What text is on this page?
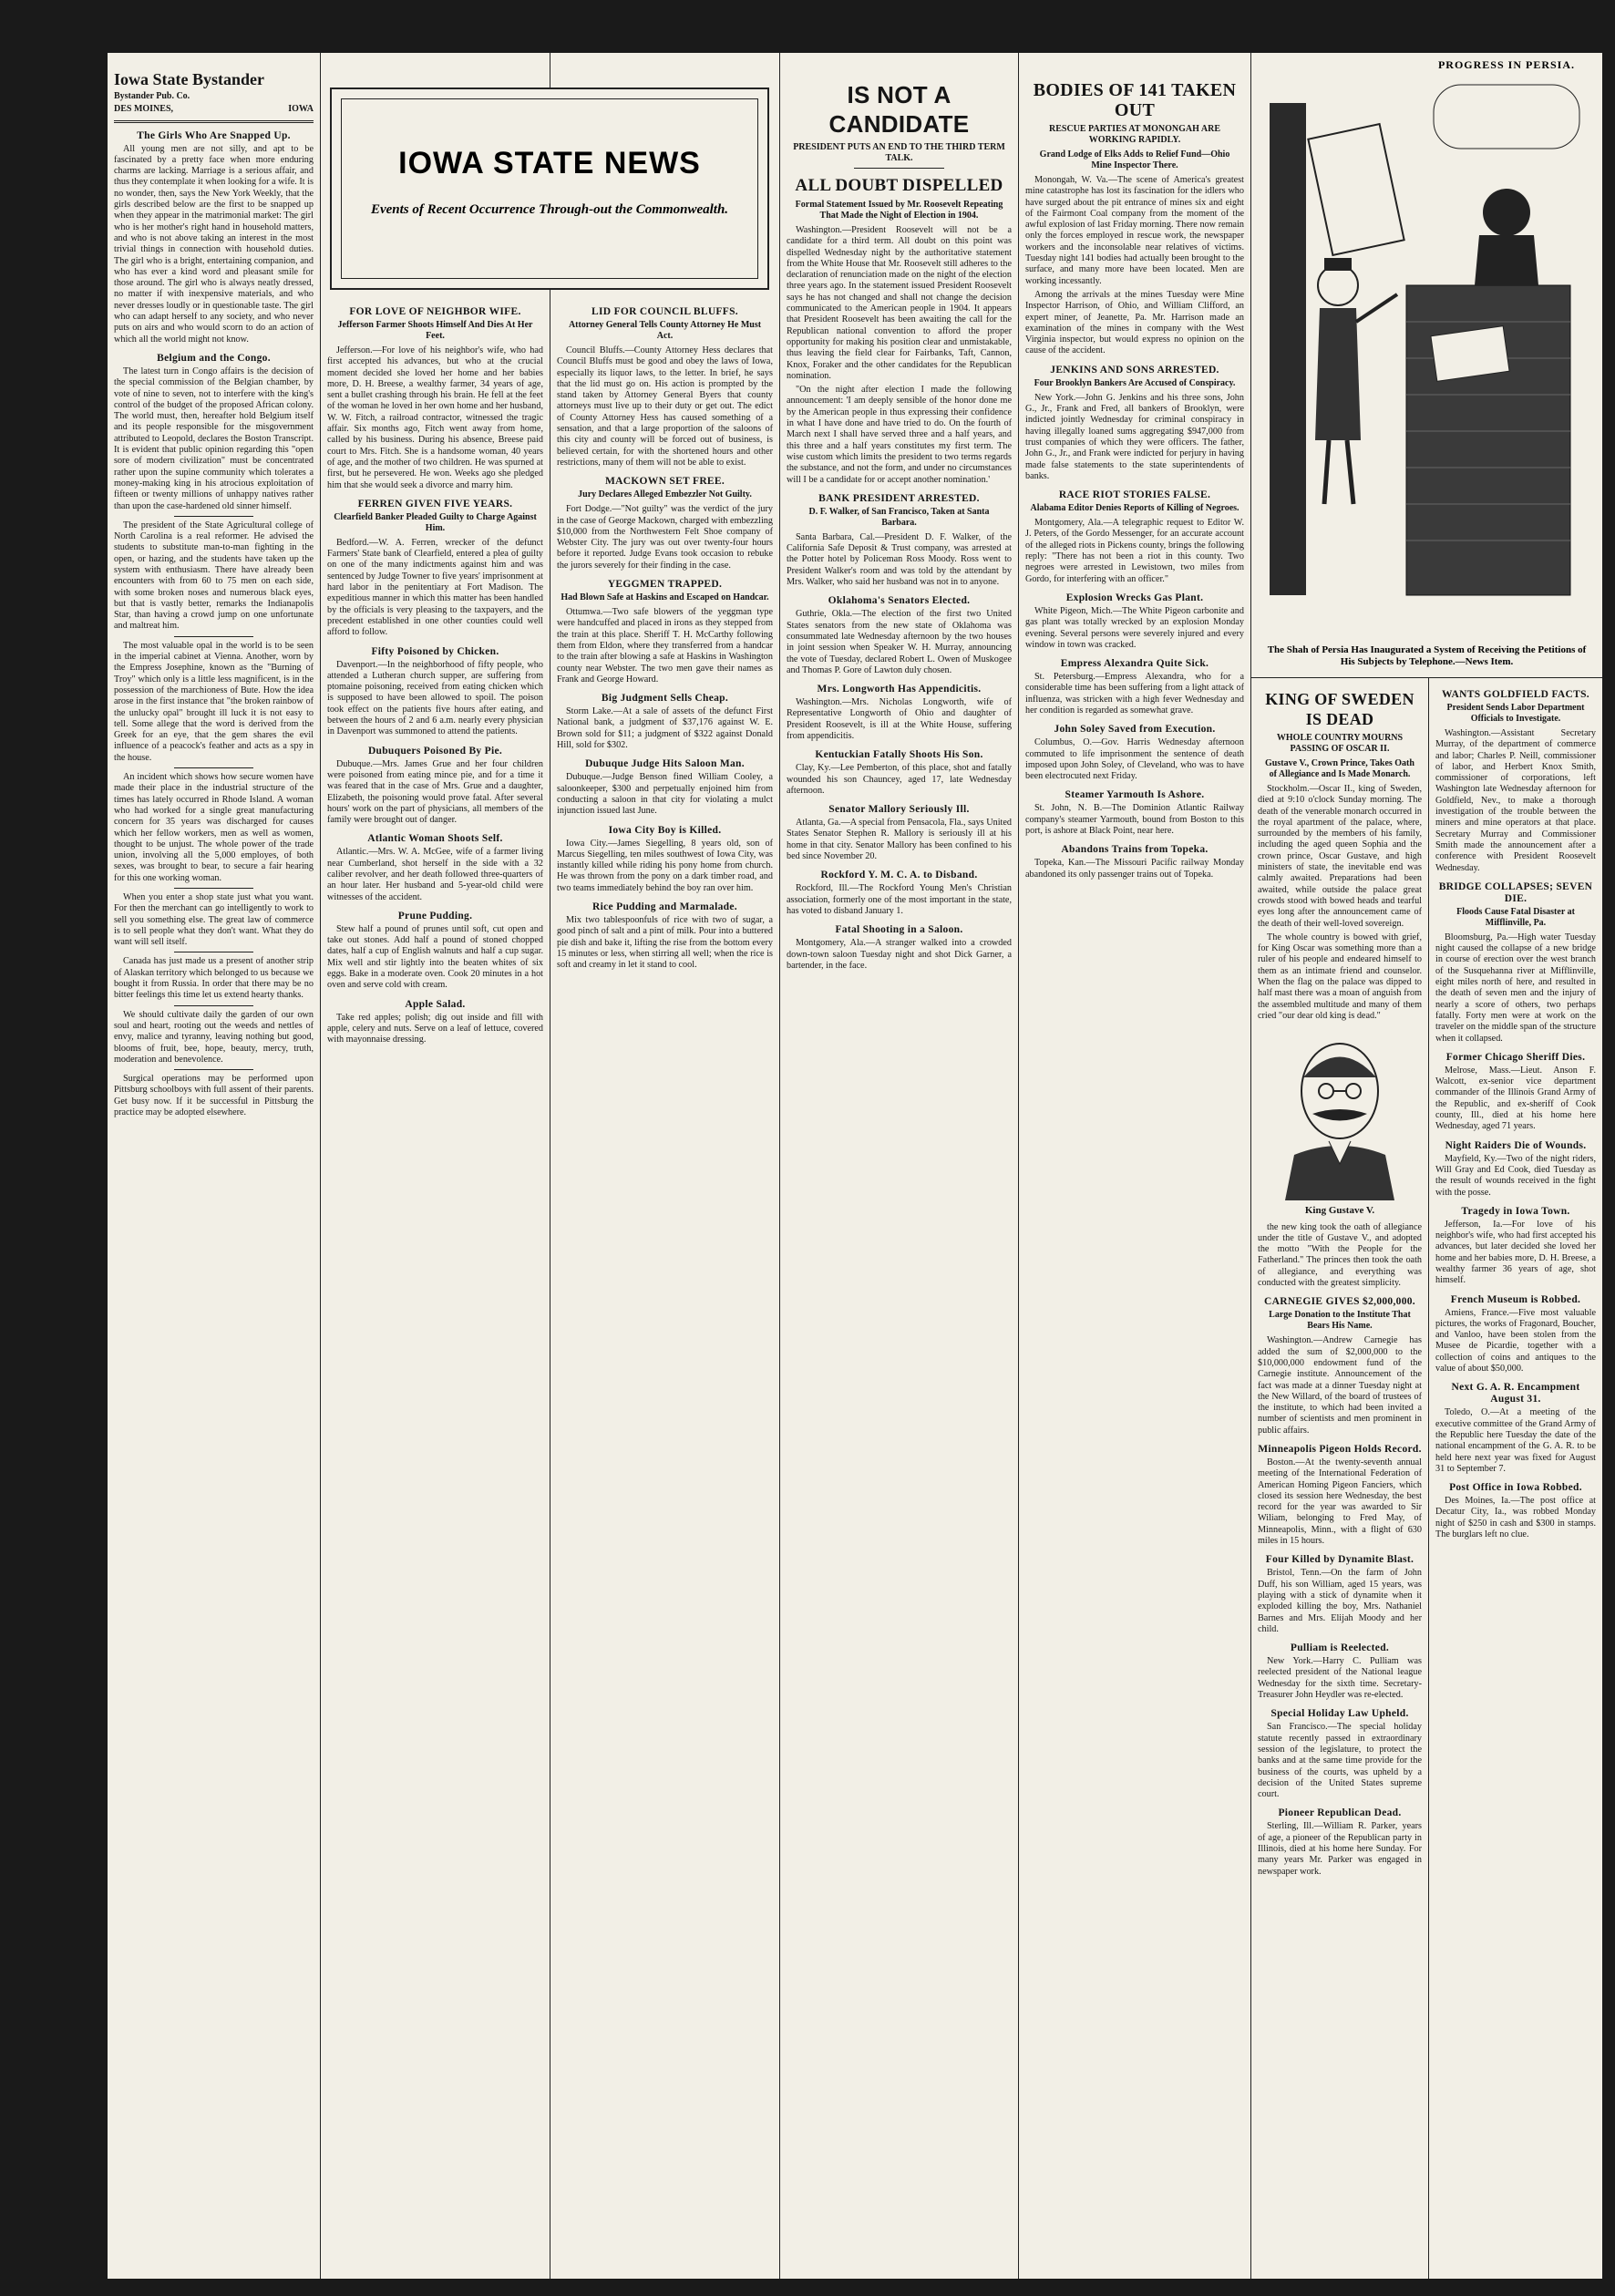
Iowa State Bystander
Bystander Pub. Co.
DES MOINES,	IOWA
The Girls Who Are Snapped Up.

All young men are not silly, and apt to be fascinated by a pretty face when more enduring charms are lacking. Marriage is a serious affair, and thus they contemplate it when looking for a wife. It is no wonder, then, says the New York Weekly, that the girls described below are the first to be snapped up when they appear in the matrimonial market: The girl who is her mother's right hand in household matters, and who is not above taking an interest in the most trivial things in connection with household duties. The girl who is a bright, entertaining companion, and who has ever a kind word and pleasant smile for those around. The girl who is always neatly dressed, no matter if with inexpensive materials, and who never dresses loudly or in questionable taste. The girl who can adapt herself to any society, and who never puts on airs and who would scorn to do an action of which all the world might not know.

Belgium and the Congo.

The latest turn in Congo affairs is the decision of the special commission of the Belgian chamber, by vote of nine to seven, not to interfere with the king's control of the budget of the proposed African colony. The world must, then, hereafter hold Belgium itself and its people responsible for the misgovernment attributed to Leopold, declares the Boston Transcript. It is evident that public opinion regarding this "open sore of modern civilization" must be concentrated rather upon the supine community which tolerates a money-making king in his atrocious exploitation of fifteen or twenty millions of unhappy natives rather than upon the case-hardened old sinner himself.

The president of the State Agricultural college of North Carolina is a real reformer. He advised the students to substitute man-to-man fighting in the open, or hazing, and the students have taken up the system with enthusiasm. There have already been encounters with from 60 to 75 men on each side, with some broken noses and numerous black eyes, but that is vastly better, remarks the Indianapolis Star, than having a crowd jump on one unfortunate and maltreat him.

The most valuable opal in the world is to be seen in the imperial cabinet at Vienna. Another, worn by the Empress Josephine, known as the "Burning of Troy" which only is a little less magnificent, is in the possession of the marchioness of Bute. How the idea arose in the first instance that "the broken rainbow of the unlucky opal" brought ill luck it is not easy to tell. Some allege that the word is derived from the Greek for an eye, that the gem shares the evil influence of a peacock's feather and acts as a spy in the house.

An incident which shows how secure women have made their place in the industrial structure of the times has lately occurred in Rhode Island. A woman who had worked for a single great manufacturing concern for 35 years was discharged for causes which her fellow workers, men as well as women, thought to be unjust. The whole power of the trade union, involving all the 5,000 employes, of both sexes, was brought to bear, to secure a fair hearing for this one working woman.

When you enter a shop state just what you want. For then the merchant can go intelligently to work to sell you something else. The great law of commerce is to sell people what they don't want. What they do want will sell itself.

Canada has just made us a present of another strip of Alaskan territory which belonged to us because we bought it from Russia. In order that there may be no bitter feelings this time let us extend hearty thanks.

We should cultivate daily the garden of our own soul and heart, rooting out the weeds and nettles of envy, malice and tyranny, leaving nothing but good, blooms of fruit, bee, hope, beauty, mercy, truth, moderation and benevolence.

Surgical operations may be performed upon Pittsburg schoolboys with full assent of their parents. Get busy now. If it be successful in Pittsburg the practice may be adopted elsewhere.

FOR LOVE OF NEIGHBOR WIFE.
Jefferson Farmer Shoots Himself And Dies At Her Feet.

Jefferson.—For love of his neighbor's wife, who had first accepted his advances, but who at the crucial moment decided she loved her home and her babies more, D. H. Breese, a wealthy farmer, 34 years of age, sent a bullet crashing through his brain. He fell at the feet of the woman he loved in her own home and her husband, W. W. Fitch, a railroad contractor, witnessed the tragic affair. Six months ago, Fitch went away from home, called by his business. During his absence, Breese paid court to Mrs. Fitch. She is a handsome woman, 40 years of age, and the mother of two children. He was spurned at first, but he persevered. He won. Weeks ago she pledged him that she would seek a divorce and marry him.

FERREN GIVEN FIVE YEARS.
Clearfield Banker Pleaded Guilty to Charge Against Him.

Bedford.—W. A. Ferren, wrecker of the defunct Farmers' State bank of Clearfield, entered a plea of guilty on one of the many indictments against him and was sentenced by Judge Towner to five years' imprisonment at hard labor in the penitentiary at Fort Madison. The expeditious manner in which this matter has been handled by the officials is very pleasing to the taxpayers, and the precedent established in one other counties could well afford to follow.

Fifty Poisoned by Chicken.

Davenport.—In the neighborhood of fifty people, who attended a Lutheran church supper, are suffering from ptomaine poisoning, received from eating chicken which is supposed to have been allowed to spoil. The poison took effect on the patients five hours after eating, and between the hours of 2 and 6 a.m. nearly every physician in Davenport was summoned to attend the patients.

Dubuquers Poisoned By Pie.

Dubuque.—Mrs. James Grue and her four children were poisoned from eating mince pie, and for a time it was feared that in the case of Mrs. Grue and a daughter, Elizabeth, the poisoning would prove fatal. After several hours' work on the part of physicians, all members of the family were brought out of danger.

Atlantic Woman Shoots Self.

Atlantic.—Mrs. W. A. McGee, wife of a farmer living near Cumberland, shot herself in the side with a 32 caliber revolver, and her death followed three-quarters of an hour later. Her husband and 5-year-old child were witnesses of the accident.

Prune Pudding.

Stew half a pound of prunes until soft, cut open and take out stones. Add half a pound of stoned chopped dates, half a cup of English walnuts and half a cup sugar. Mix well and stir lightly into the beaten whites of six eggs. Bake in a moderate oven. Cook 20 minutes in a hot oven and serve cold with cream.

Apple Salad.

Take red apples; polish; dig out inside and fill with apple, celery and nuts. Serve on a leaf of lettuce, covered with mayonnaise dressing.

LID FOR COUNCIL BLUFFS.
Attorney General Tells County Attorney He Must Act.

Council Bluffs.—County Attorney Hess declares that Council Bluffs must be good and obey the laws of Iowa, especially its liquor laws, to the letter. In brief, he says that the lid must go on. His action is prompted by the stand taken by Attorney General Byers that county attorneys must live up to their duty or get out. The edict of County Attorney Hess has caused something of a sensation, and that a large proportion of the saloons of this city and county will be forced out of business, is believed certain, for with the shortened hours and other restrictions, many of them will not be able to exist.

MACKOWN SET FREE.
Jury Declares Alleged Embezzler Not Guilty.

Fort Dodge.—"Not guilty" was the verdict of the jury in the case of George Mackown, charged with embezzling $10,000 from the Northwestern Felt Shoe company of Webster City. The jury was out over twenty-four hours before it reported. Judge Evans took occasion to rebuke the jurors severely for their finding in the case.

YEGGMEN TRAPPED.
Had Blown Safe at Haskins and Escaped on Handcar.

Ottumwa.—Two safe blowers of the yeggman type were handcuffed and placed in irons as they stepped from the train at this place. Sheriff T. H. McCarthy following them from Eldon, where they transferred from a handcar to the train after blowing a safe at Haskins in Washington county near Webster. The two men gave their names as Frank and George Howard.

Big Judgment Sells Cheap.

Storm Lake.—At a sale of assets of the defunct First National bank, a judgment of $37,176 against W. E. Brown sold for $11; a judgment of $322 against Donald Hill, sold for $302.

Dubuque Judge Hits Saloon Man.

Dubuque.—Judge Benson fined William Cooley, a saloonkeeper, $300 and perpetually enjoined him from conducting a saloon in that city for violating a mulct injunction issued last June.

Iowa City Boy is Killed.

Iowa City.—James Siegelling, 8 years old, son of Marcus Siegelling, ten miles southwest of Iowa City, was instantly killed while riding his pony home from church. He was thrown from the pony on a dark timber road, and two teams immediately behind the boy ran over him.

Rice Pudding and Marmalade.

Mix two tablespoonfuls of rice with two of sugar, a good pinch of salt and a pint of milk. Pour into a buttered pie dish and bake it, lifting the rise from the bottom every 15 minutes or less, when stirring all well; when the rice is soft and creamy in let it stand to cool.

IOWA STATE NEWS
Events of Recent Occurrence Through-out the Commonwealth.
IS NOT A CANDIDATE
PRESIDENT PUTS AN END TO THE THIRD TERM TALK.
ALL DOUBT DISPELLED
Formal Statement Issued by Mr. Roosevelt Repeating That Made the Night of Election in 1904.

Washington.—President Roosevelt will not be a candidate for a third term. All doubt on this point was dispelled Wednesday night by the authoritative statement from the White House that Mr. Roosevelt still adheres to the declaration of renunciation made on the night of the election three years ago. In the statement issued President Roosevelt says he has not changed and shall not change the decision communicated to the American people in 1904. It appears that President Roosevelt has been awaiting the call for the Republican national convention to afford the proper opportunity for making his position clear and unmistakable, thus leaving the field clear for Fairbanks, Taft, Cannon, Knox, Foraker and the other candidates for the Republican nomination.

"On the night after election I made the following announcement: 'I am deeply sensible of the honor done me by the American people in thus expressing their confidence in what I have done and have tried to do. On the fourth of March next I shall have served three and a half years, and this three and a half years constitutes my first term. The wise custom which limits the president to two terms regards the substance, and not the form, and under no circumstances will I be a candidate for or accept another nomination.'

BANK PRESIDENT ARRESTED.
D. F. Walker, of San Francisco, Taken at Santa Barbara.

Santa Barbara, Cal.—President D. F. Walker, of the California Safe Deposit & Trust company, was arrested at the Potter hotel by Policeman Ross Moody. Ross went to President Walker's room and was told by the attendant by Mrs. Walker, who said her husband was not in to anyone.

Oklahoma's Senators Elected.

Guthrie, Okla.—The election of the first two United States senators from the new state of Oklahoma was consummated late Wednesday afternoon by the two houses in joint session when Speaker W. H. Murray, announcing the vote of Tuesday, declared Robert L. Owen of Muskogee and Thomas P. Gore of Lawton duly chosen.

Mrs. Longworth Has Appendicitis.

Washington.—Mrs. Nicholas Longworth, wife of Representative Longworth of Ohio and daughter of President Roosevelt, is ill at the White House, suffering from appendicitis.

Kentuckian Fatally Shoots His Son.

Clay, Ky.—Lee Pemberton, of this place, shot and fatally wounded his son Chauncey, aged 17, late Wednesday afternoon.

Senator Mallory Seriously Ill.

Atlanta, Ga.—A special from Pensacola, Fla., says United States Senator Stephen R. Mallory is seriously ill at his home in that city. Senator Mallory has been confined to his bed since November 20.

Rockford Y. M. C. A. to Disband.

Rockford, Ill.—The Rockford Young Men's Christian association, formerly one of the most important in the state, has voted to disband January 1.

Fatal Shooting in a Saloon.

Montgomery, Ala.—A stranger walked into a crowded down-town saloon Tuesday night and shot Dick Garner, a bartender, in the face.

BODIES OF 141 TAKEN OUT
RESCUE PARTIES AT MONONGAH ARE WORKING RAPIDLY.
Grand Lodge of Elks Adds to Relief Fund—Ohio Mine Inspector There.

Monongah, W. Va.—The scene of America's greatest mine catastrophe has lost its fascination for the idlers who have surged about the pit entrance of mines six and eight of the Fairmont Coal company from the moment of the awful explosion of last Friday morning. There now remain only the forces employed in rescue work, the newspaper workers and the inconsolable near relatives of victims. Tuesday night 141 bodies had actually been brought to the surface, and many more have been located. Men are working incessantly.

Among the arrivals at the mines Tuesday were Mine Inspector Harrison, of Ohio, and William Clifford, an expert miner, of Jeanette, Pa. Mr. Harrison made an examination of the mines in company with the West Virginia inspector, but would express no opinion on the cause of the accident.

JENKINS AND SONS ARRESTED.
Four Brooklyn Bankers Are Accused of Conspiracy.

New York.—John G. Jenkins and his three sons, John G., Jr., Frank and Fred, all bankers of Brooklyn, were indicted jointly Wednesday for criminal conspiracy in having illegally loaned sums aggregating $947,000 from trust companies of which they were officers. The father, John G., Jr., and Frank were indicted for perjury in having made false statements to the state superintendents of banks.

RACE RIOT STORIES FALSE.
Alabama Editor Denies Reports of Killing of Negroes.

Montgomery, Ala.—A telegraphic request to Editor W. J. Peters, of the Gordo Messenger, for an accurate account of the alleged riots in Pickens county, brings the following reply: "There has not been a riot in this county. Two negroes were arrested in Lewistown, two miles from Gordo, for interfering with an officer."

Explosion Wrecks Gas Plant.

White Pigeon, Mich.—The White Pigeon carbonite and gas plant was totally wrecked by an explosion Monday evening. Several persons were severely injured and every window in town was cracked.

Empress Alexandra Quite Sick.

St. Petersburg.—Empress Alexandra, who for a considerable time has been suffering from a light attack of influenza, was stricken with a high fever Wednesday and her condition is regarded as somewhat grave.

John Soley Saved from Execution.

Columbus, O.—Gov. Harris Wednesday afternoon commuted to life imprisonment the sentence of death imposed upon John Soley, of Cleveland, who was to have been electrocuted next Friday.

Steamer Yarmouth Is Ashore.

St. John, N. B.—The Dominion Atlantic Railway company's steamer Yarmouth, bound from Boston to this port, is ashore at Black Point, near here.

Abandons Trains from Topeka.

Topeka, Kan.—The Missouri Pacific railway Monday abandoned its only passenger trains out of Topeka.

KING OF SWEDEN IS DEAD
WHOLE COUNTRY MOURNS PASSING OF OSCAR II.
Gustave V., Crown Prince, Takes Oath of Allegiance and Is Made Monarch.

Stockholm.—Oscar II., king of Sweden, died at 9:10 o'clock Sunday morning. The death of the venerable monarch occurred in the royal apartment of the palace, where, surrounded by the members of his family, including the aged queen Sophia and the crown prince, Oscar Gustave, and high ministers of state, the inevitable end was calmly awaited. Preparations had been awaited, while outside the palace great crowds stood with bowed heads and tearful eyes long after the announcement came of the death of their well-loved sovereign.

The whole country is bowed with grief, for King Oscar was something more than a ruler of his people and endeared himself to them as an intimate friend and counselor. When the flag on the palace was dipped to half mast there was a moan of anguish from the assembled multitude and many of them cried "our dear old king is dead."

King Gustave V.

the new king took the oath of allegiance under the title of Gustave V., and adopted the motto "With the People for the Fatherland." The princes then took the oath of allegiance, and everything was conducted with the greatest simplicity.

CARNEGIE GIVES $2,000,000.
Large Donation to the Institute That Bears His Name.

Washington.—Andrew Carnegie has added the sum of $2,000,000 to the $10,000,000 endowment fund of the Carnegie institute. Announcement of the fact was made at a dinner Tuesday night at the New Willard, of the board of trustees of the institute, to which had been invited a number of scientists and men prominent in public affairs.

Minneapolis Pigeon Holds Record.

Boston.—At the twenty-seventh annual meeting of the International Federation of American Homing Pigeon Fanciers, which closed its session here Wednesday, the best record for the year was awarded to Sir Wiliam, belonging to Fred May, of Minneapolis, Minn., with a flight of 630 miles in 15 hours.

Four Killed by Dynamite Blast.

Bristol, Tenn.—On the farm of John Duff, his son William, aged 15 years, was playing with a stick of dynamite when it exploded killing the boy, Mrs. Nathaniel Barnes and Mrs. Elijah Moody and her child.

Pulliam is Reelected.

New York.—Harry C. Pulliam was reelected president of the National league Wednesday for the sixth time. Secretary-Treasurer John Heydler was re-elected.

Special Holiday Law Upheld.

San Francisco.—The special holiday statute recently passed in extraordinary session of the legislature, to protect the banks and at the same time provide for the business of the courts, was upheld by a decision of the United States supreme court.

Pioneer Republican Dead.

Sterling, Ill.—William R. Parker, years of age, a pioneer of the Republican party in Illinois, died at his home here Sunday. For many years Mr. Parker was engaged in newspaper work.

WANTS GOLDFIELD FACTS.
President Sends Labor Department Officials to Investigate.

Washington.—Assistant Secretary Murray, of the department of commerce and labor; Charles P. Neill, commissioner of labor, and Herbert Knox Smith, commissioner of corporations, left Washington late Wednesday afternoon for Goldfield, Nev., to make a thorough investigation of the trouble between the miners and mine operators at that place. Secretary Murray and Commissioner Smith made the announcement after a conference with President Roosevelt Wednesday.

BRIDGE COLLAPSES; SEVEN DIE.
Floods Cause Fatal Disaster at Mifflinville, Pa.

Bloomsburg, Pa.—High water Tuesday night caused the collapse of a new bridge in course of erection over the west branch of the Susquehanna river at Mifflinville, eight miles north of here, and resulted in the death of seven men and the injury of nearly a score of others, two perhaps fatally. Forty men were at work on the traveler on the middle span of the structure when it collapsed.

Former Chicago Sheriff Dies.

Melrose, Mass.—Lieut. Anson F. Walcott, ex-senior vice department commander of the Illinois Grand Army of the Republic, and ex-sheriff of Cook county, Ill., died at his home here Wednesday, aged 71 years.

Night Raiders Die of Wounds.

Mayfield, Ky.—Two of the night riders, Will Gray and Ed Cook, died Tuesday as the result of wounds received in the fight with the posse.

Tragedy in Iowa Town.

Jefferson, Ia.—For love of his neighbor's wife, who had first accepted his advances, but later decided she loved her home and her babies more, D. H. Breese, a wealthy farmer 36 years of age, shot himself.

French Museum is Robbed.

Amiens, France.—Five most valuable pictures, the works of Fragonard, Boucher, and Vanloo, have been stolen from the Musee de Picardie, together with a collection of coins and antiques to the value of about $50,000.

Next G. A. R. Encampment August 31.

Toledo, O.—At a meeting of the executive committee of the Grand Army of the Republic here Tuesday the date of the national encampment of the G. A. R. to be held here next year was fixed for August 31 to September 7.

Post Office in Iowa Robbed.

Des Moines, Ia.—The post office at Decatur City, Ia., was robbed Monday night of $250 in cash and $300 in stamps. The burglars left no clue.

PROGRESS IN PERSIA.
The Shah of Persia Has Inaugurated a System of Receiving the Petitions of His Subjects by Telephone.—News Item.
